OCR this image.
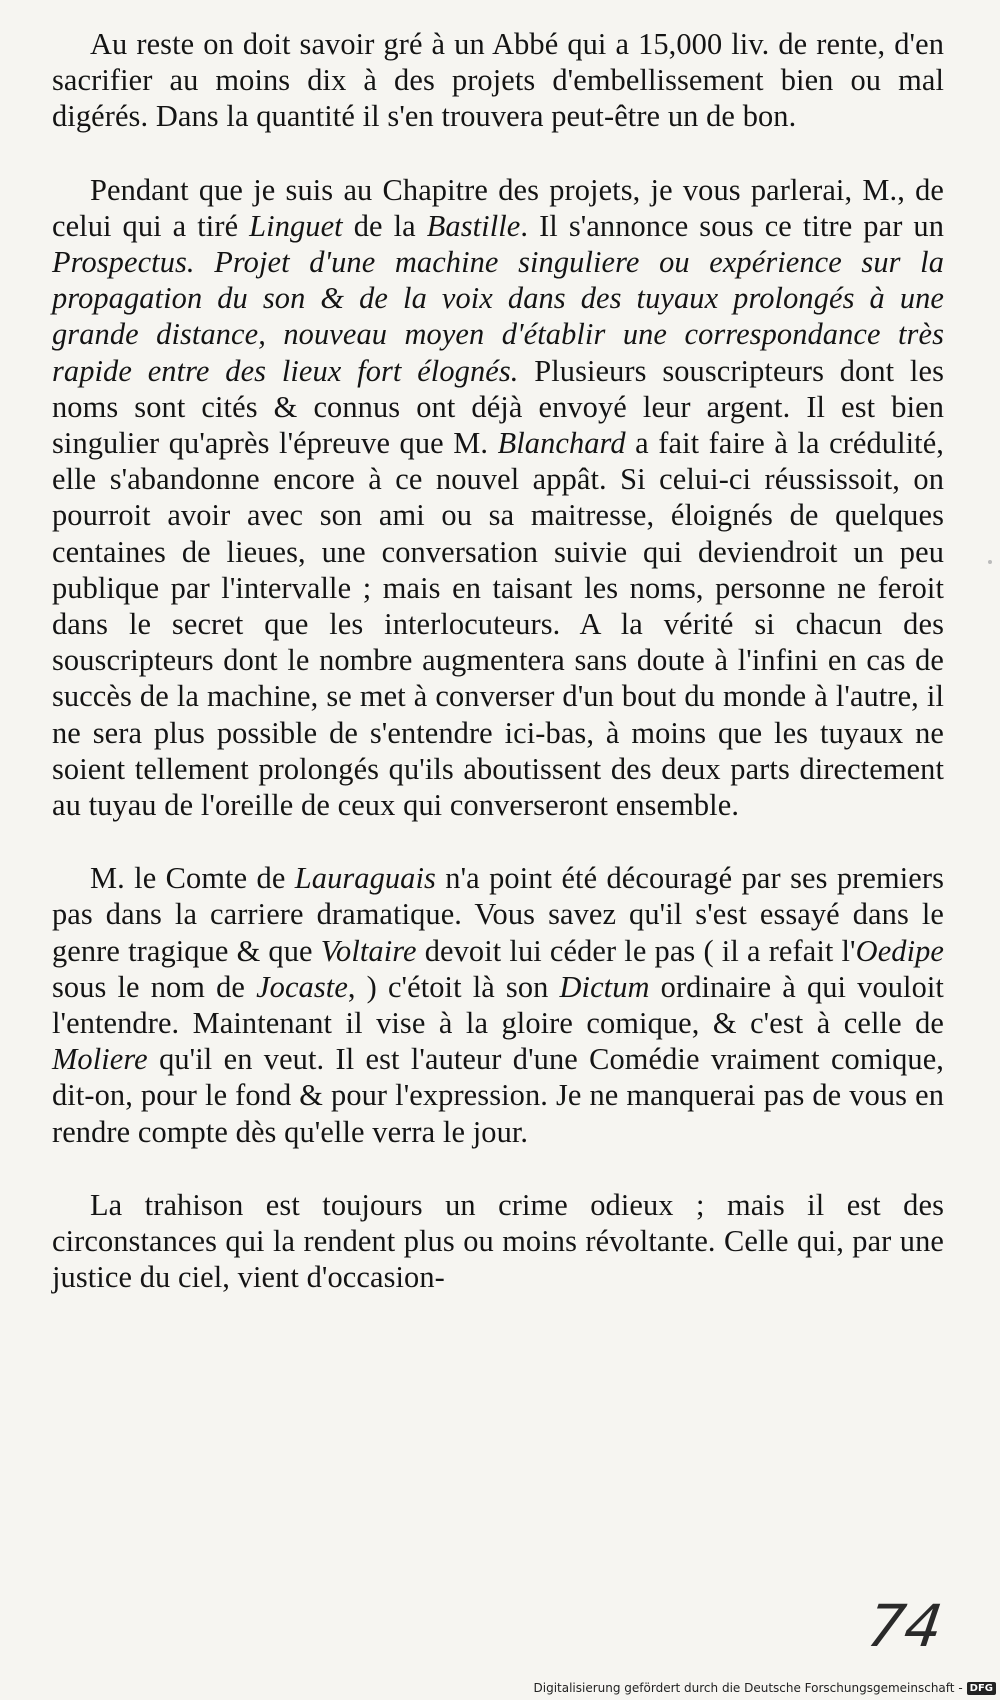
Au reste on doit savoir gré à un Abbé qui a 15,000 liv. de rente, d'en sacrifier au moins dix à des projets d'embellissement bien ou mal digérés. Dans la quantité il s'en trouvera peut-être un de bon.

Pendant que je suis au Chapitre des projets, je vous parlerai, M., de celui qui a tiré Linguet de la Bastille. Il s'annonce sous ce titre par un Prospectus. Projet d'une machine singuliere ou expérience sur la propagation du son & de la voix dans des tuyaux prolongés à une grande distance, nouveau moyen d'établir une correspondance très rapide entre des lieux fort élognés. Plusieurs souscripteurs dont les noms sont cités & connus ont déjà envoyé leur argent. Il est bien singulier qu'après l'épreuve que M. Blanchard a fait faire à la crédulité, elle s'abandonne encore à ce nouvel appât. Si celui-ci réussissoit, on pourroit avoir avec son ami ou sa maitresse, éloignés de quelques centaines de lieues, une conversation suivie qui deviendroit un peu publique par l'intervalle ; mais en taisant les noms, personne ne feroit dans le secret que les interlocuteurs. A la vérité si chacun des souscripteurs dont le nombre augmentera sans doute à l'infini en cas de succès de la machine, se met à converser d'un bout du monde à l'autre, il ne sera plus possible de s'entendre ici-bas, à moins que les tuyaux ne soient tellement prolongés qu'ils aboutissent des deux parts directement au tuyau de l'oreille de ceux qui converseront ensemble.

M. le Comte de Lauraguais n'a point été découragé par ses premiers pas dans la carriere dramatique. Vous savez qu'il s'est essayé dans le genre tragique & que Voltaire devoit lui céder le pas ( il a refait l'Oedipe sous le nom de Jocaste, ) c'étoit là son Dictum ordinaire à qui vouloit l'entendre. Maintenant il vise à la gloire comique, & c'est à celle de Moliere qu'il en veut. Il est l'auteur d'une Comédie vraiment comique, dit-on, pour le fond & pour l'expression. Je ne manquerai pas de vous en rendre compte dès qu'elle verra le jour.

La trahison est toujours un crime odieux ; mais il est des circonstances qui la rendent plus ou moins révoltante. Celle qui, par une justice du ciel, vient d'occasion-

74
Digitalisierung gefördert durch die Deutsche Forschungsgemeinschaft - DFG
